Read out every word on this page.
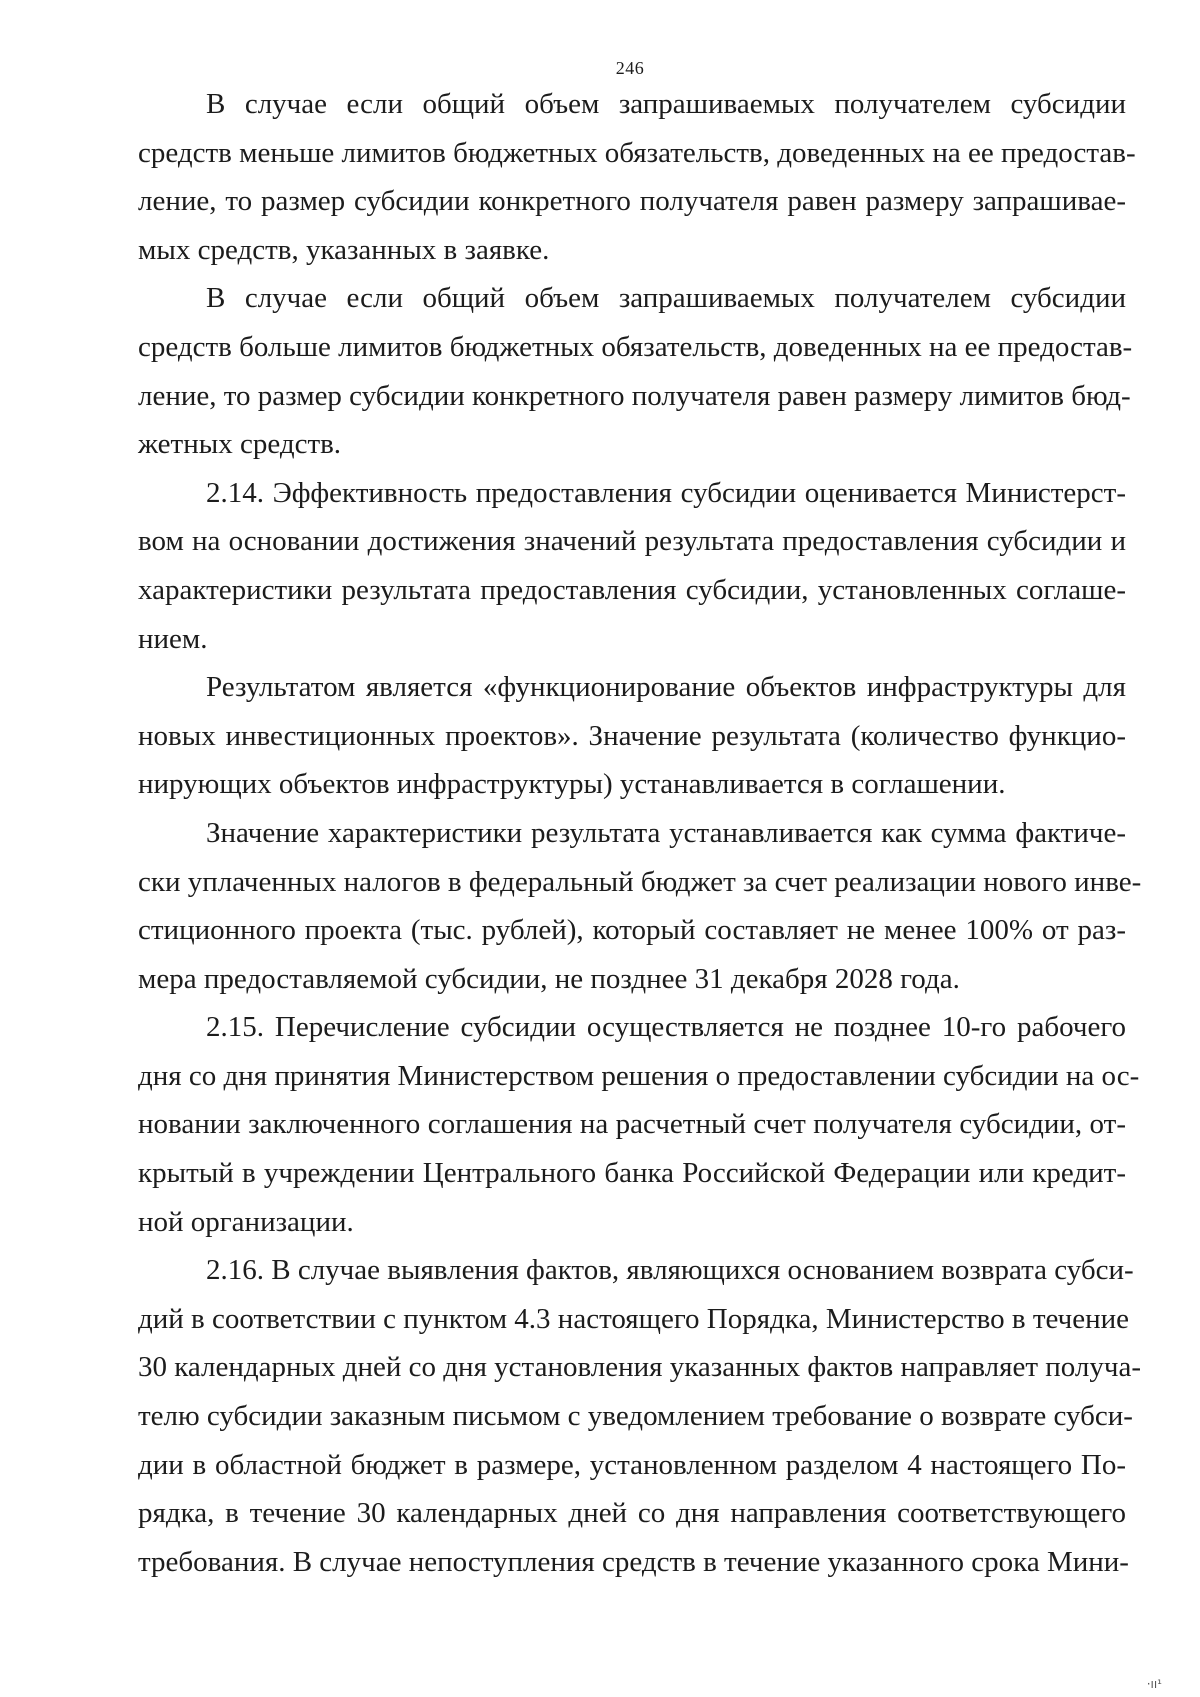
246
В случае если общий объем запрашиваемых получателем субсидии
средств меньше лимитов бюджетных обязательств, доведенных на ее предостав-
ление, то размер субсидии конкретного получателя равен размеру запрашивае-
мых средств, указанных в заявке.
В случае если общий объем запрашиваемых получателем субсидии
средств больше лимитов бюджетных обязательств, доведенных на ее предостав-
ление, то размер субсидии конкретного получателя равен размеру лимитов бюд-
жетных средств.
2.14. Эффективность предоставления субсидии оценивается Министерст-
вом на основании достижения значений результата предоставления субсидии и
характеристики результата предоставления субсидии, установленных соглаше-
нием.
Результатом является «функционирование объектов инфраструктуры для
новых инвестиционных проектов». Значение результата (количество функцио-
нирующих объектов инфраструктуры) устанавливается в соглашении.
Значение характеристики результата устанавливается как сумма фактиче-
ски уплаченных налогов в федеральный бюджет за счет реализации нового инве-
стиционного проекта (тыс. рублей), который составляет не менее 100% от раз-
мера предоставляемой субсидии, не позднее 31 декабря 2028 года.
2.15. Перечисление субсидии осуществляется не позднее 10-го рабочего
дня со дня принятия Министерством решения о предоставлении субсидии на ос-
новании заключенного соглашения на расчетный счет получателя субсидии, от-
крытый в учреждении Центрального банка Российской Федерации или кредит-
ной организации.
2.16. В случае выявления фактов, являющихся основанием возврата субси-
дий в соответствии с пунктом 4.3 настоящего Порядка, Министерство в течение
30 календарных дней со дня установления указанных фактов направляет получа-
телю субсидии заказным письмом с уведомлением требование о возврате субси-
дии в областной бюджет в размере, установленном разделом 4 настоящего По-
рядка, в течение 30 календарных дней со дня направления соответствующего
требования. В случае непоступления средств в течение указанного срока Мини-
·ıı¹
